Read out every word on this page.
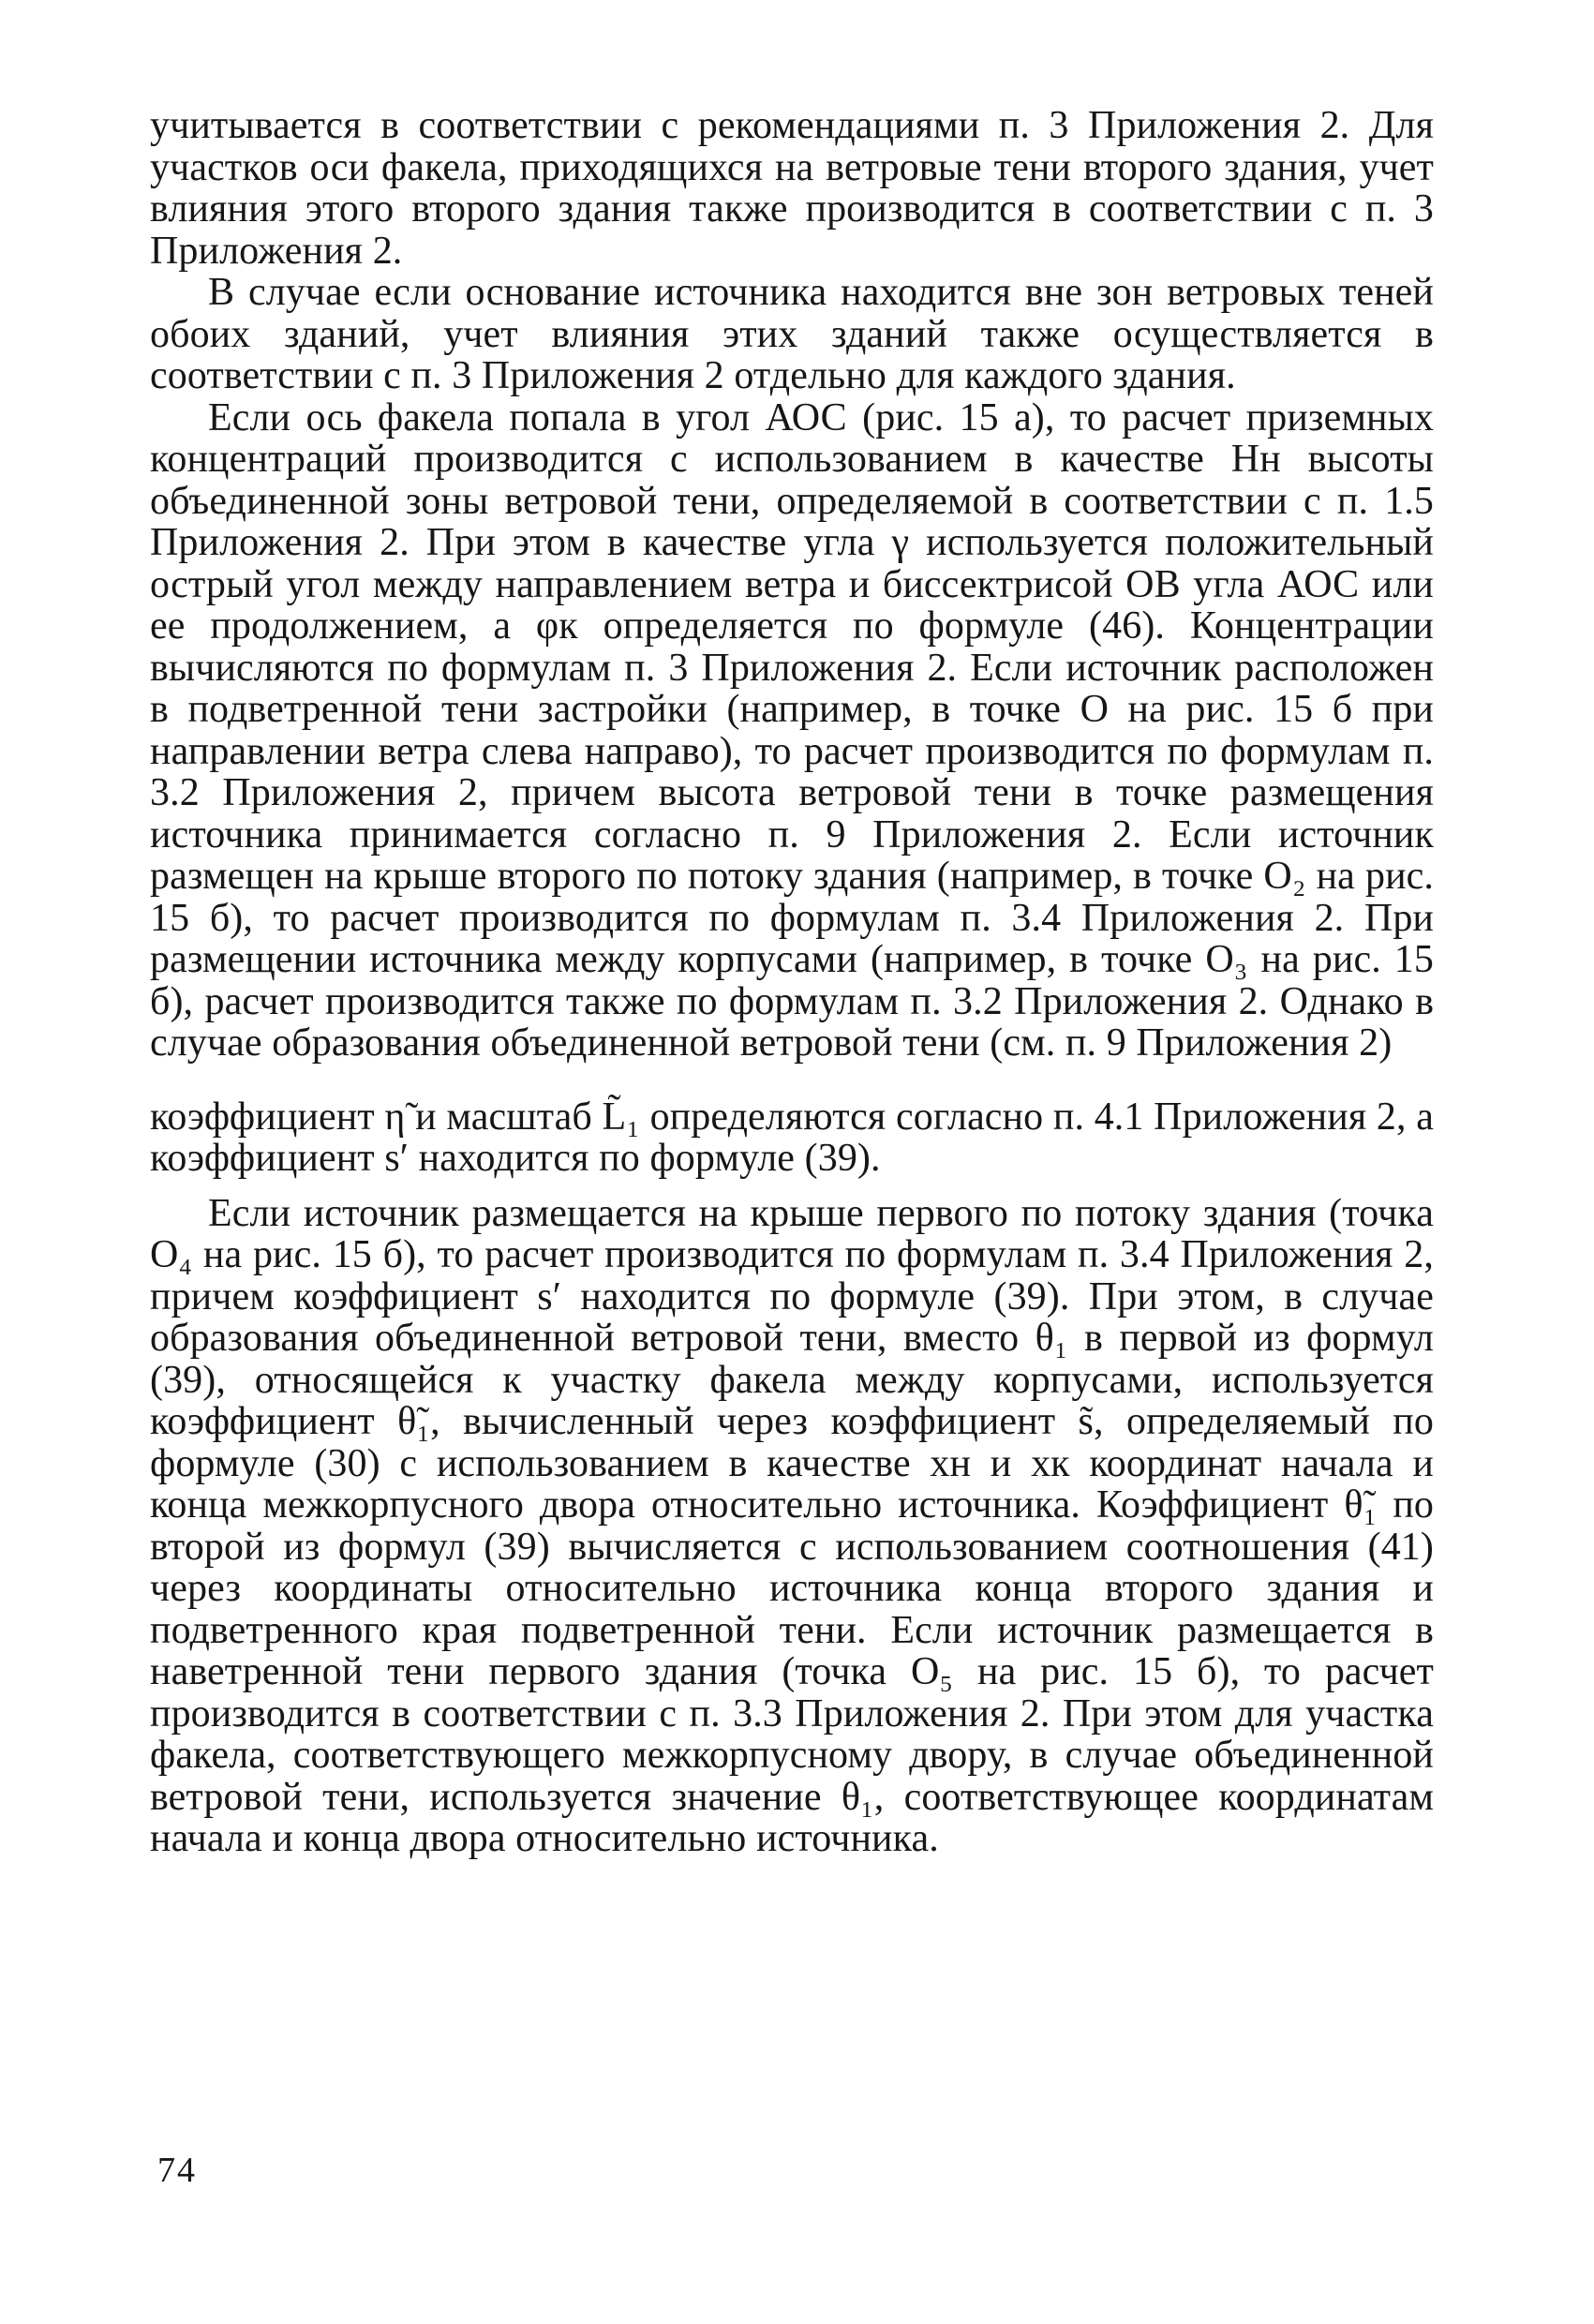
учитывается в соответствии с рекомендациями п. 3 Приложения 2. Для участков оси факела, приходящихся на ветровые тени второго здания, учет влияния этого второго здания также производится в соответствии с п. 3 Приложения 2.

В случае если основание источника находится вне зон ветровых теней обоих зданий, учет влияния этих зданий также осуществляется в соответствии с п. 3 Приложения 2 отдельно для каждого здания.

Если ось факела попала в угол АОС (рис. 15 а), то расчет приземных концентраций производится с использованием в качестве Hн высоты объединенной зоны ветровой тени, определяемой в соответствии с п. 1.5 Приложения 2. При этом в качестве угла γ используется положительный острый угол между направлением ветра и биссектрисой ОВ угла АОС или ее продолжением, а φк определяется по формуле (46). Концентрации вычисляются по формулам п. 3 Приложения 2. Если источник расположен в подветренной тени застройки (например, в точке О на рис. 15 б при направлении ветра слева направо), то расчет производится по формулам п. 3.2 Приложения 2, причем высота ветровой тени в точке размещения источника принимается согласно п. 9 Приложения 2. Если источник размещен на крыше второго по потоку здания (например, в точке О₂ на рис. 15 б), то расчет производится по формулам п. 3.4 Приложения 2. При размещении источника между корпусами (например, в точке О₃ на рис. 15 б), расчет производится также по формулам п. 3.2 Приложения 2. Однако в случае образования объединенной ветровой тени (см. п. 9 Приложения 2)

коэффициент η̃ и масштаб L̃₁ определяются согласно п. 4.1 Приложения 2, а коэффициент s′ находится по формуле (39).

Если источник размещается на крыше первого по потоку здания (точка О₄ на рис. 15 б), то расчет производится по формулам п. 3.4 Приложения 2, причем коэффициент s′ находится по формуле (39). При этом, в случае образования объединенной ветровой тени, вместо θ₁ в первой из формул (39), относящейся к участку факела между корпусами, используется коэффициент θ̃₁, вычисленный через коэффициент s̃, определяемый по формуле (30) с использованием в качестве xн и xк координат начала и конца межкорпусного двора относительно источника. Коэффициент θ̃₁ по второй из формул (39) вычисляется с использованием соотношения (41) через координаты относительно источника конца второго здания и подветренного края подветренной тени. Если источник размещается в наветренной тени первого здания (точка О₅ на рис. 15 б), то расчет производится в соответствии с п. 3.3 Приложения 2. При этом для участка факела, соответствующего межкорпусному двору, в случае объединенной ветровой тени, используется значение θ₁, соответствующее координатам начала и конца двора относительно источника.

74
